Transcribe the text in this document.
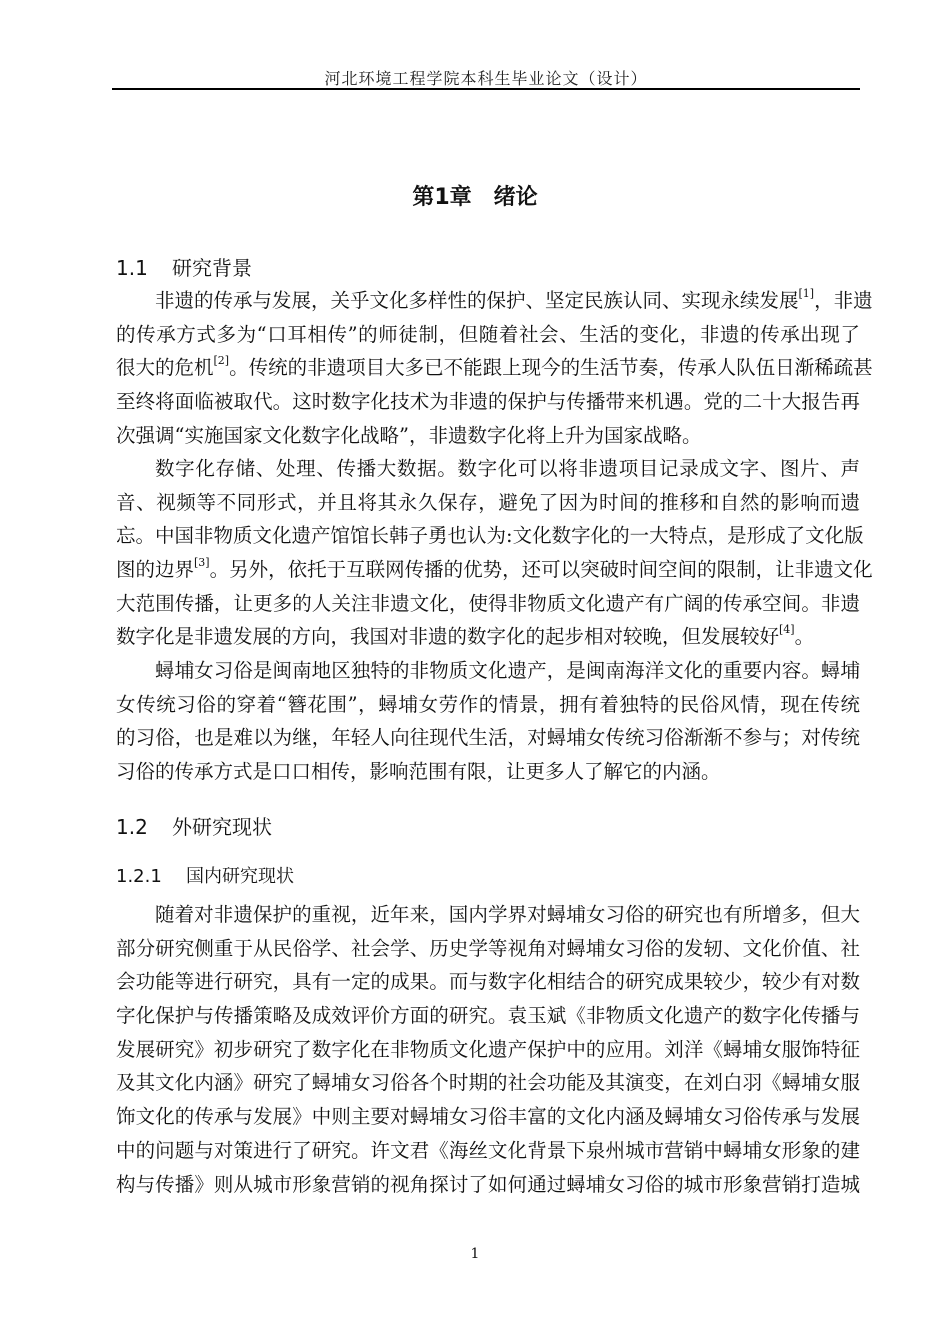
河北环境工程学院本科生毕业论文（设计）
第1章　绪论
1.1 研究背景
非遗的传承与发展，关乎文化多样性的保护、坚定民族认同、实现永续发展[1]，非遗
的传承方式多为“口耳相传”的师徒制，但随着社会、生活的变化，非遗的传承出现了
很大的危机[2]。传统的非遗项目大多已不能跟上现今的生活节奏，传承人队伍日渐稀疏甚
至终将面临被取代。这时数字化技术为非遗的保护与传播带来机遇。党的二十大报告再
次强调“实施国家文化数字化战略”，非遗数字化将上升为国家战略。
数字化存储、处理、传播大数据。数字化可以将非遗项目记录成文字、图片、声
音、视频等不同形式，并且将其永久保存，避免了因为时间的推移和自然的影响而遗
忘。中国非物质文化遗产馆馆长韩子勇也认为:文化数字化的一大特点，是形成了文化版
图的边界[3]。另外，依托于互联网传播的优势，还可以突破时间空间的限制，让非遗文化
大范围传播，让更多的人关注非遗文化，使得非物质文化遗产有广阔的传承空间。非遗
数字化是非遗发展的方向，我国对非遗的数字化的起步相对较晚，但发展较好[4]。
蟳埔女习俗是闽南地区独特的非物质文化遗产，是闽南海洋文化的重要内容。蟳埔
女传统习俗的穿着“簪花围”，蟳埔女劳作的情景，拥有着独特的民俗风情，现在传统
的习俗，也是难以为继，年轻人向往现代生活，对蟳埔女传统习俗渐渐不参与；对传统
习俗的传承方式是口口相传，影响范围有限，让更多人了解它的内涵。
1.2 外研究现状
1.2.1 国内研究现状
随着对非遗保护的重视，近年来，国内学界对蟳埔女习俗的研究也有所增多，但大
部分研究侧重于从民俗学、社会学、历史学等视角对蟳埔女习俗的发轫、文化价值、社
会功能等进行研究，具有一定的成果。而与数字化相结合的研究成果较少，较少有对数
字化保护与传播策略及成效评价方面的研究。袁玉斌《非物质文化遗产的数字化传播与
发展研究》初步研究了数字化在非物质文化遗产保护中的应用。刘洋《蟳埔女服饰特征
及其文化内涵》研究了蟳埔女习俗各个时期的社会功能及其演变，在刘白羽《蟳埔女服
饰文化的传承与发展》中则主要对蟳埔女习俗丰富的文化内涵及蟳埔女习俗传承与发展
中的问题与对策进行了研究。许文君《海丝文化背景下泉州城市营销中蟳埔女形象的建
构与传播》则从城市形象营销的视角探讨了如何通过蟳埔女习俗的城市形象营销打造城
1
